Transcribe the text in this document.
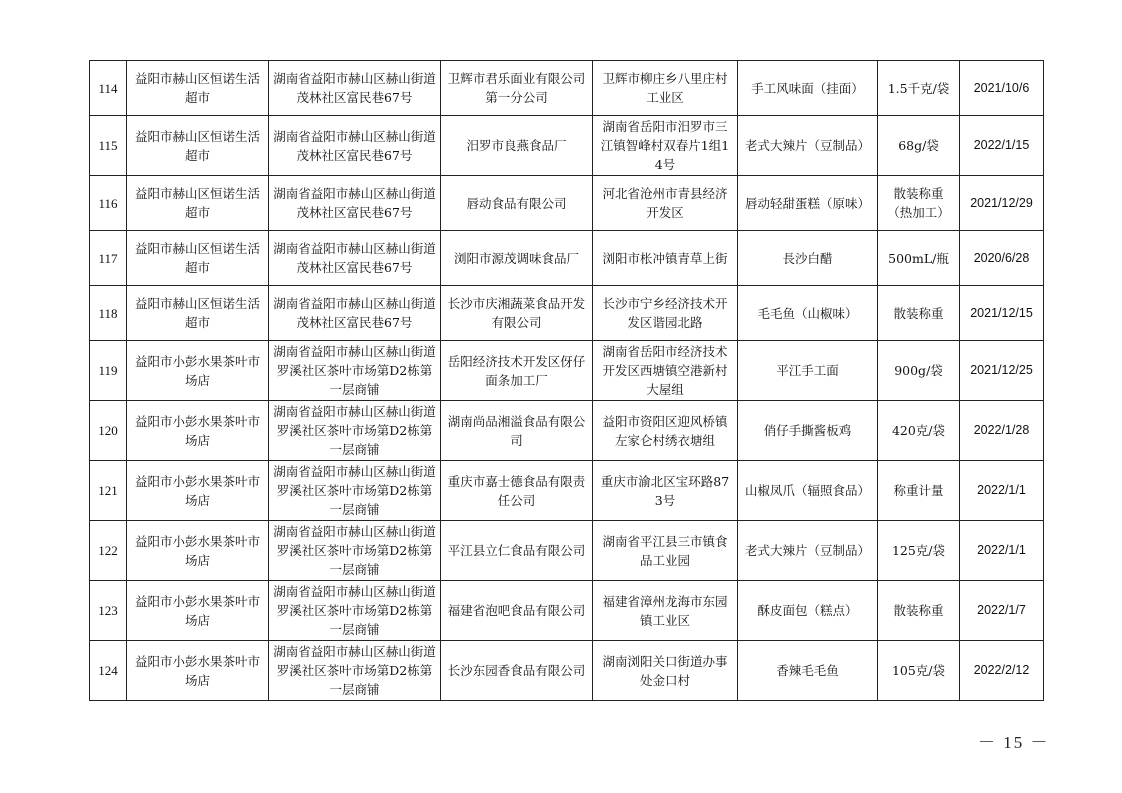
114	益阳市赫山区恒诺生活超市	湖南省益阳市赫山区赫山街道茂林社区富民巷67号	卫辉市君乐面业有限公司第一分公司	卫辉市柳庄乡八里庄村工业区	手工风味面（挂面）	1.5千克/袋	2021/10/6
115	益阳市赫山区恒诺生活超市	湖南省益阳市赫山区赫山街道茂林社区富民巷67号	汨罗市良燕食品厂	湖南省岳阳市汨罗市三江镇智峰村双春片1组14号	老式大辣片（豆制品）	68g/袋	2022/1/15
116	益阳市赫山区恒诺生活超市	湖南省益阳市赫山区赫山街道茂林社区富民巷67号	唇动食品有限公司	河北省沧州市青县经济开发区	唇动轻甜蛋糕（原味）	散装称重（热加工）	2021/12/29
117	益阳市赫山区恒诺生活超市	湖南省益阳市赫山区赫山街道茂林社区富民巷67号	浏阳市源茂调味食品厂	浏阳市枨冲镇青草上街	長沙白醋	500mL/瓶	2020/6/28
118	益阳市赫山区恒诺生活超市	湖南省益阳市赫山区赫山街道茂林社区富民巷67号	长沙市庆湘蔬菜食品开发有限公司	长沙市宁乡经济技术开发区谐园北路	毛毛鱼（山椒味）	散装称重	2021/12/15
119	益阳市小彭水果茶叶市场店	湖南省益阳市赫山区赫山街道罗溪社区茶叶市场第D2栋第一层商铺	岳阳经济技术开发区伢仔面条加工厂	湖南省岳阳市经济技术开发区西塘镇空港新村大屋组	平江手工面	900g/袋	2021/12/25
120	益阳市小彭水果茶叶市场店	湖南省益阳市赫山区赫山街道罗溪社区茶叶市场第D2栋第一层商铺	湖南尚品湘溢食品有限公司	益阳市资阳区迎风桥镇左家仑村绣衣塘组	俏仔手撕酱板鸡	420克/袋	2022/1/28
121	益阳市小彭水果茶叶市场店	湖南省益阳市赫山区赫山街道罗溪社区茶叶市场第D2栋第一层商铺	重庆市嘉士德食品有限责任公司	重庆市渝北区宝环路873号	山椒凤爪（辐照食品）	称重计量	2022/1/1
122	益阳市小彭水果茶叶市场店	湖南省益阳市赫山区赫山街道罗溪社区茶叶市场第D2栋第一层商铺	平江县立仁食品有限公司	湖南省平江县三市镇食品工业园	老式大辣片（豆制品）	125克/袋	2022/1/1
123	益阳市小彭水果茶叶市场店	湖南省益阳市赫山区赫山街道罗溪社区茶叶市场第D2栋第一层商铺	福建省泡吧食品有限公司	福建省漳州龙海市东园镇工业区	酥皮面包（糕点）	散装称重	2022/1/7
124	益阳市小彭水果茶叶市场店	湖南省益阳市赫山区赫山街道罗溪社区茶叶市场第D2栋第一层商铺	长沙东园香食品有限公司	湖南浏阳关口街道办事处金口村	香辣毛毛鱼	105克/袋	2022/2/12
－ 15 －
